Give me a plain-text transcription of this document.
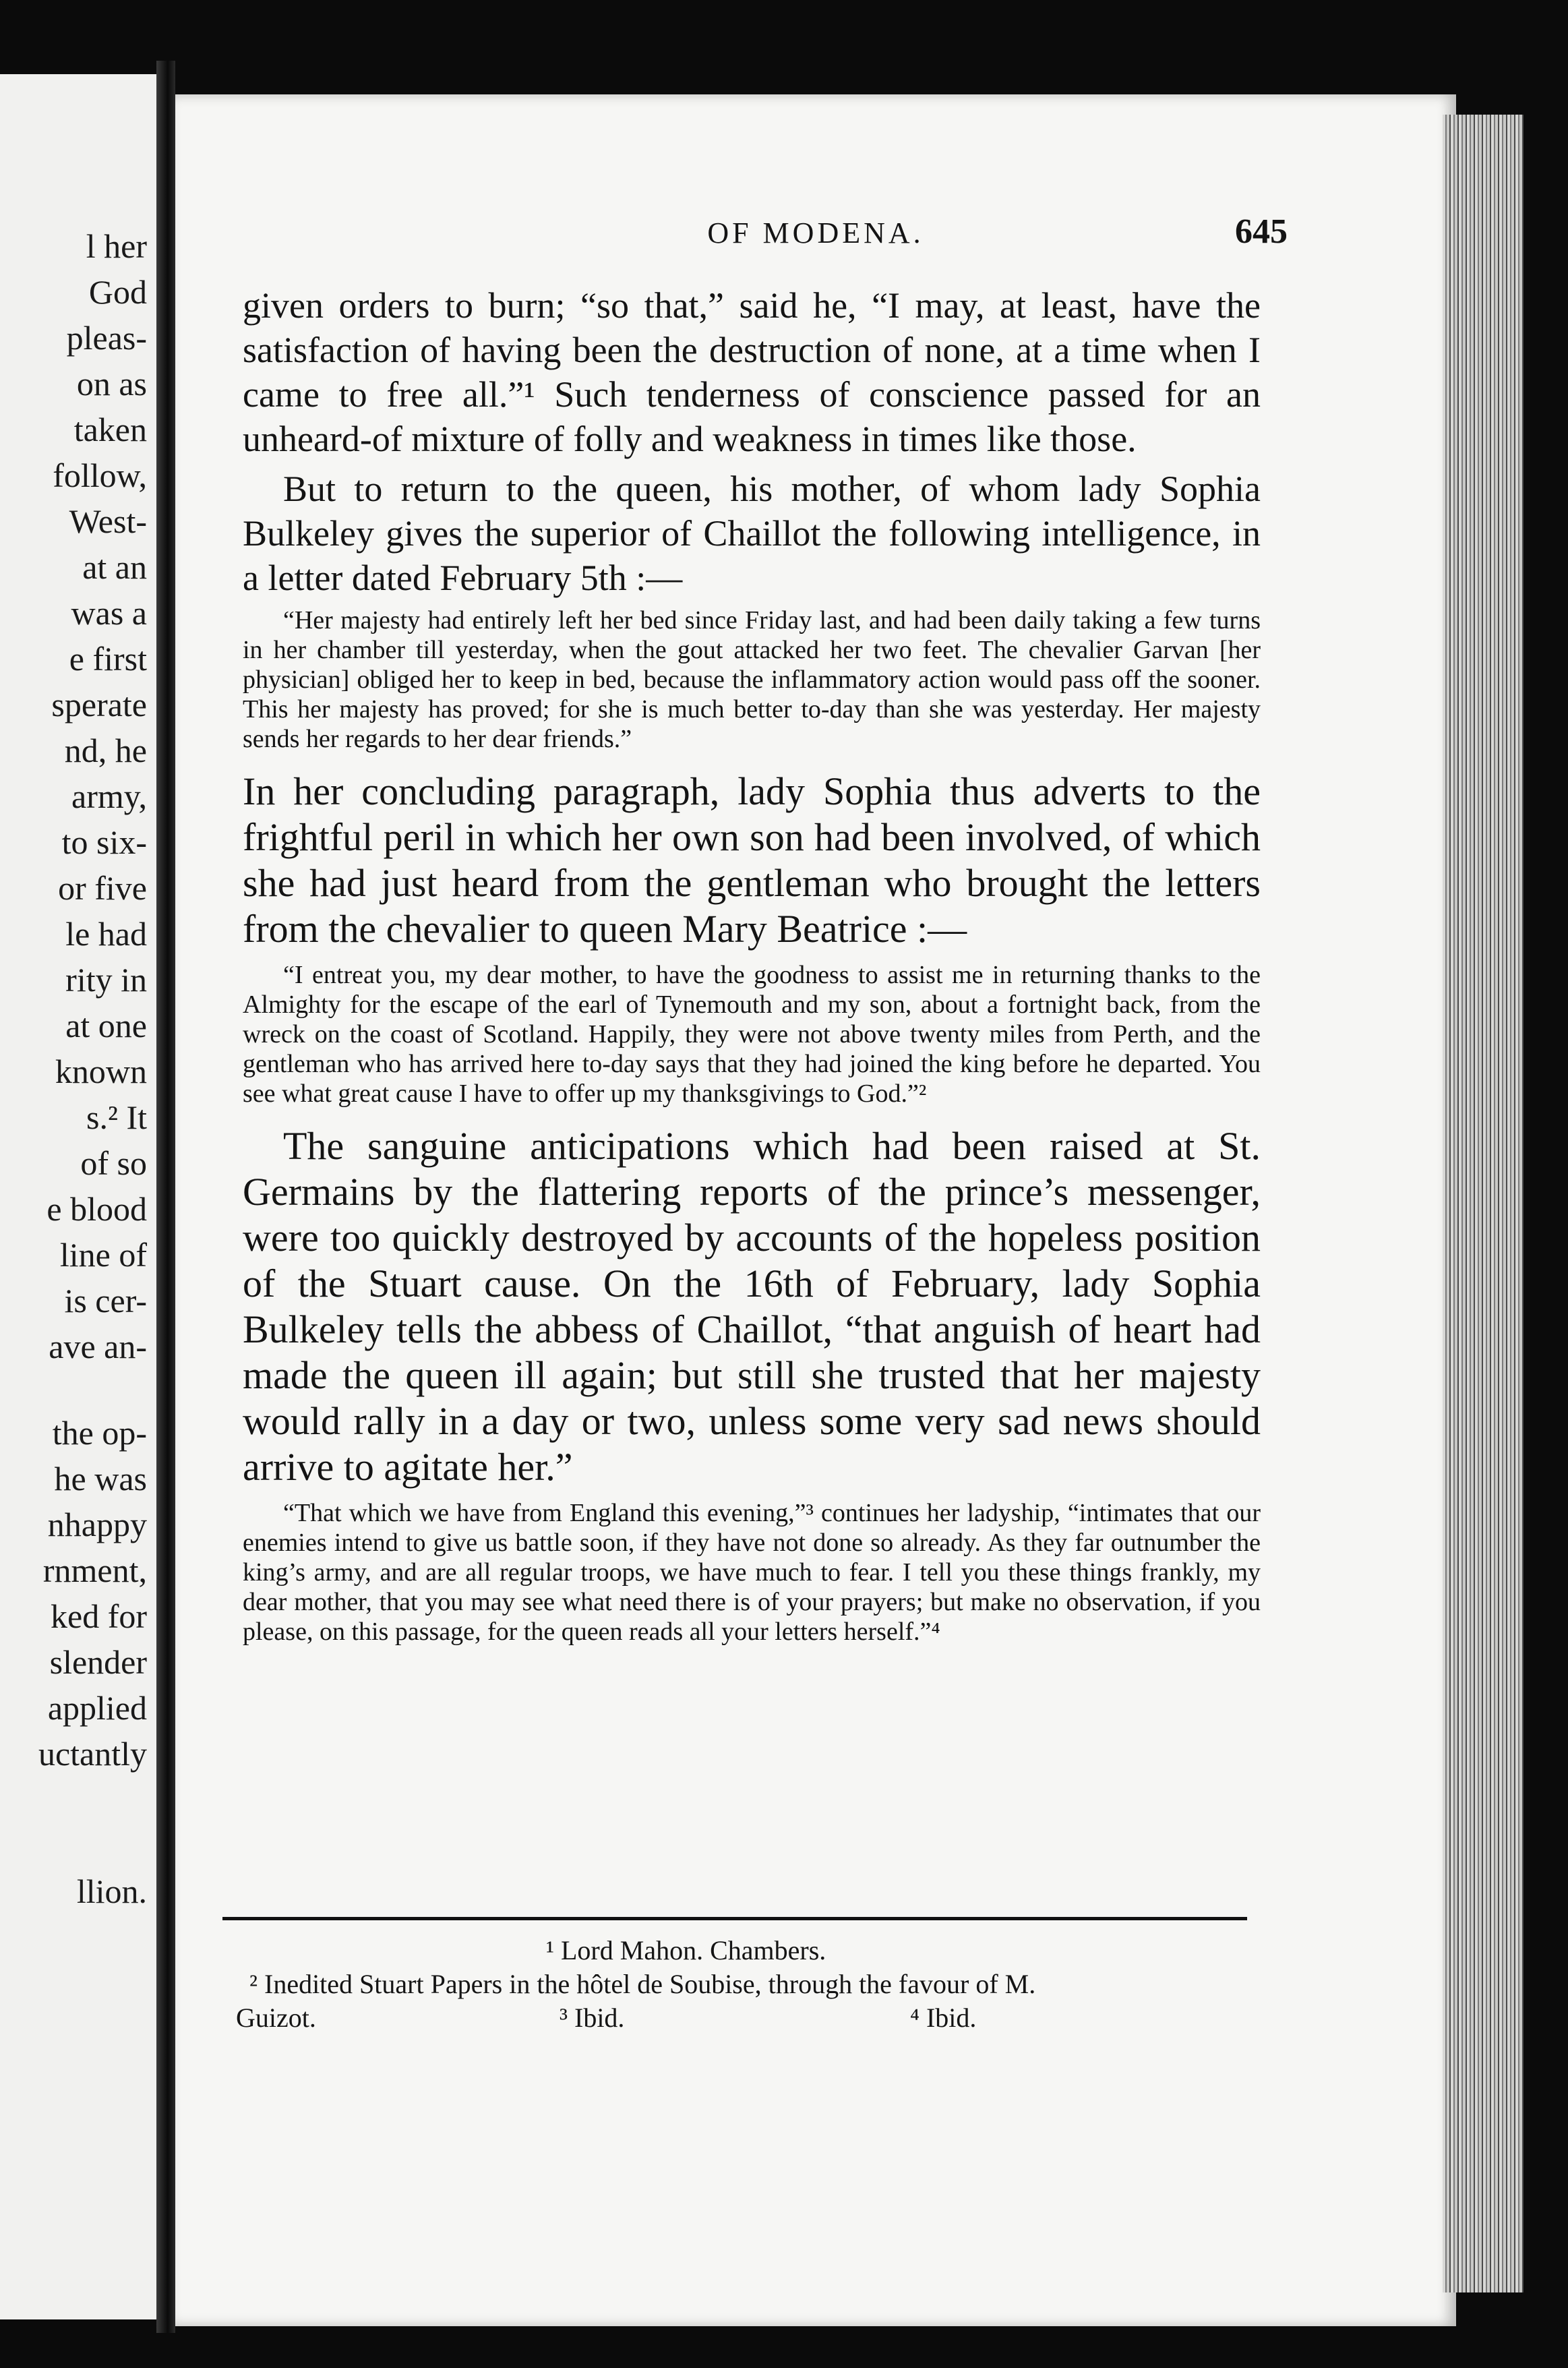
l her
God
pleas-
on as
taken
follow,
West-
at an
was a
e first
sperate
nd, he
army,
to six-
or five
le had
rity in
at one
known
s.² It
of so
e blood
line of
is cer-
ave an-
the op-
he was
nhappy
rnment,
ked for
slender
applied
uctantly
llion.
OF MODENA.	645

given orders to burn; “so that,” said he, “I may, at least, have the satisfaction of having been the destruction of none, at a time when I came to free all.”¹ Such tenderness of conscience passed for an unheard-of mixture of folly and weakness in times like those.

But to return to the queen, his mother, of whom lady Sophia Bulkeley gives the superior of Chaillot the following intelligence, in a letter dated February 5th :—

“Her majesty had entirely left her bed since Friday last, and had been daily taking a few turns in her chamber till yesterday, when the gout attacked her two feet. The chevalier Garvan [her physician] obliged her to keep in bed, because the inflammatory action would pass off the sooner. This her majesty has proved; for she is much better to-day than she was yesterday. Her majesty sends her regards to her dear friends.”

In her concluding paragraph, lady Sophia thus adverts to the frightful peril in which her own son had been involved, of which she had just heard from the gentleman who brought the letters from the chevalier to queen Mary Beatrice :—

“I entreat you, my dear mother, to have the goodness to assist me in returning thanks to the Almighty for the escape of the earl of Tynemouth and my son, about a fortnight back, from the wreck on the coast of Scotland. Happily, they were not above twenty miles from Perth, and the gentleman who has arrived here to-day says that they had joined the king before he departed. You see what great cause I have to offer up my thanksgivings to God.”²

The sanguine anticipations which had been raised at St. Germains by the flattering reports of the prince’s messenger, were too quickly destroyed by accounts of the hopeless position of the Stuart cause. On the 16th of February, lady Sophia Bulkeley tells the abbess of Chaillot, “that anguish of heart had made the queen ill again; but still she trusted that her majesty would rally in a day or two, unless some very sad news should arrive to agitate her.”

“That which we have from England this evening,”³ continues her ladyship, “intimates that our enemies intend to give us battle soon, if they have not done so already. As they far outnumber the king’s army, and are all regular troops, we have much to fear. I tell you these things frankly, my dear mother, that you may see what need there is of your prayers; but make no observation, if you please, on this passage, for the queen reads all your letters herself.”⁴

¹ Lord Mahon. Chambers.
² Inedited Stuart Papers in the hôtel de Soubise, through the favour of M.
Guizot.	³ Ibid.	⁴ Ibid.
